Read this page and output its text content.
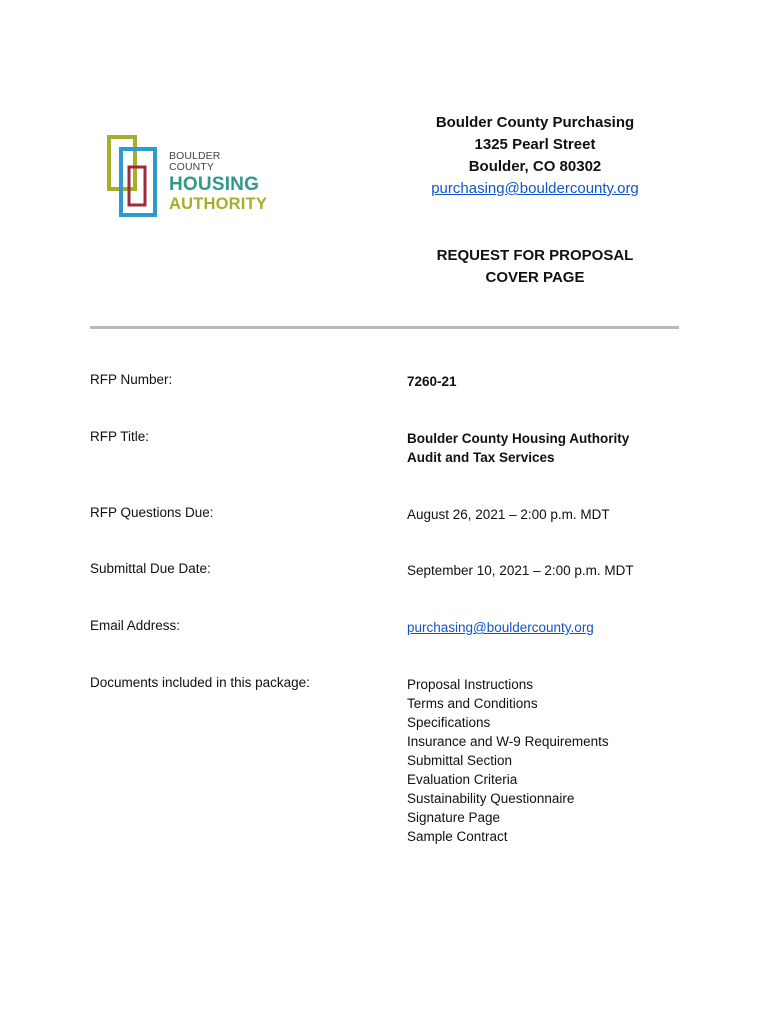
BOULDER COUNTY
HOUSING
AUTHORITY
Boulder County Purchasing
1325 Pearl Street
Boulder, CO 80302
purchasing@bouldercounty.org
REQUEST FOR PROPOSAL
COVER PAGE
RFP Number:	7260-21
RFP Title:	Boulder County Housing Authority
Audit and Tax Services
RFP Questions Due:	August 26, 2021 – 2:00 p.m. MDT
Submittal Due Date:	September 10, 2021 – 2:00 p.m. MDT
Email Address:	purchasing@bouldercounty.org
Documents included in this package:	Proposal Instructions
Terms and Conditions
Specifications
Insurance and W-9 Requirements
Submittal Section
Evaluation Criteria
Sustainability Questionnaire
Signature Page
Sample Contract
